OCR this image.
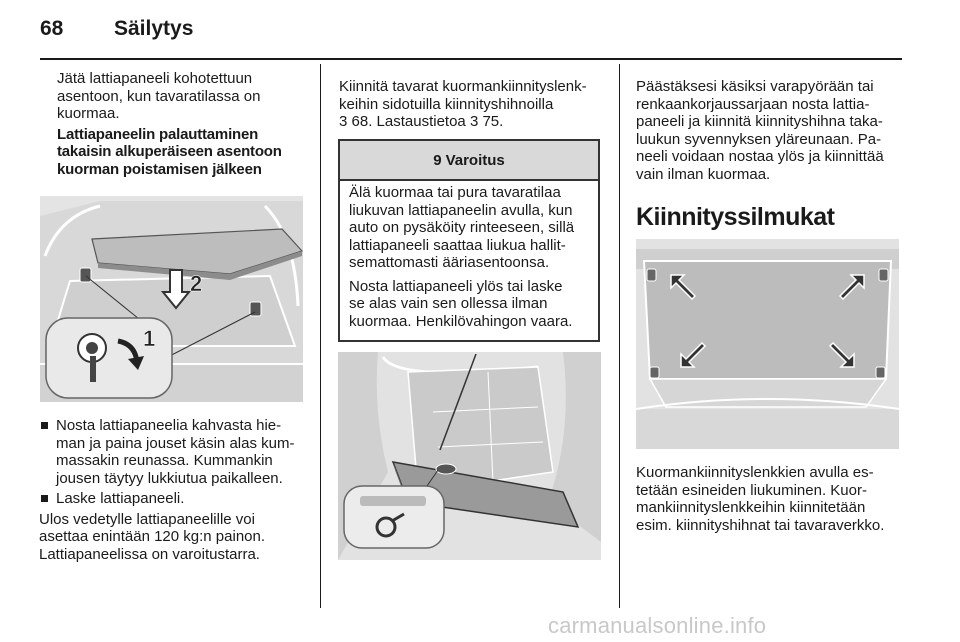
68 Säilytys

Jätä lattiapaneeli kohotettuun
asentoon, kun tavaratilassa on
kuormaa.

Lattiapaneelin palauttaminen
takaisin alkuperäiseen asentoon
kuorman poistamisen jälkeen

1
2
Nosta lattiapaneelia kahvasta hie-
man ja paina jouset käsin alas kum-
massakin reunassa. Kummankin
jousen täytyy lukkiutua paikalleen.
Laske lattiapaneeli.

Ulos vedetylle lattiapaneelille voi
asettaa enintään 120 kg:n painon.
Lattiapaneelissa on varoitustarra.

Kiinnitä tavarat kuormankiinnityslenk-
keihin sidotuilla kiinnityshihnoilla
3 68. Lastaustietoa 3 75.

9 Varoitus

Älä kuormaa tai pura tavaratilaa
liukuvan lattiapaneelin avulla, kun
auto on pysäköity rinteeseen, sillä
lattiapaneeli saattaa liukua hallit-
semattomasti ääriasentoonsa.

Nosta lattiapaneeli ylös tai laske
se alas vain sen ollessa ilman
kuormaa. Henkilövahingon vaara.

Päästäksesi käsiksi varapyörään tai
renkaankorjaussarjaan nosta lattia-
paneeli ja kiinnitä kiinnityshihna taka-
luukun syvennyksen yläreunaan. Pa-
neeli voidaan nostaa ylös ja kiinnittää
vain ilman kuormaa.

Kiinnityssilmukat

Kuormankiinnityslenkkien avulla es-
tetään esineiden liukuminen. Kuor-
mankiinnityslenkkeihin kiinnitetään
esim. kiinnityshihnat tai tavaraverkko.

carmanualsonline.info
